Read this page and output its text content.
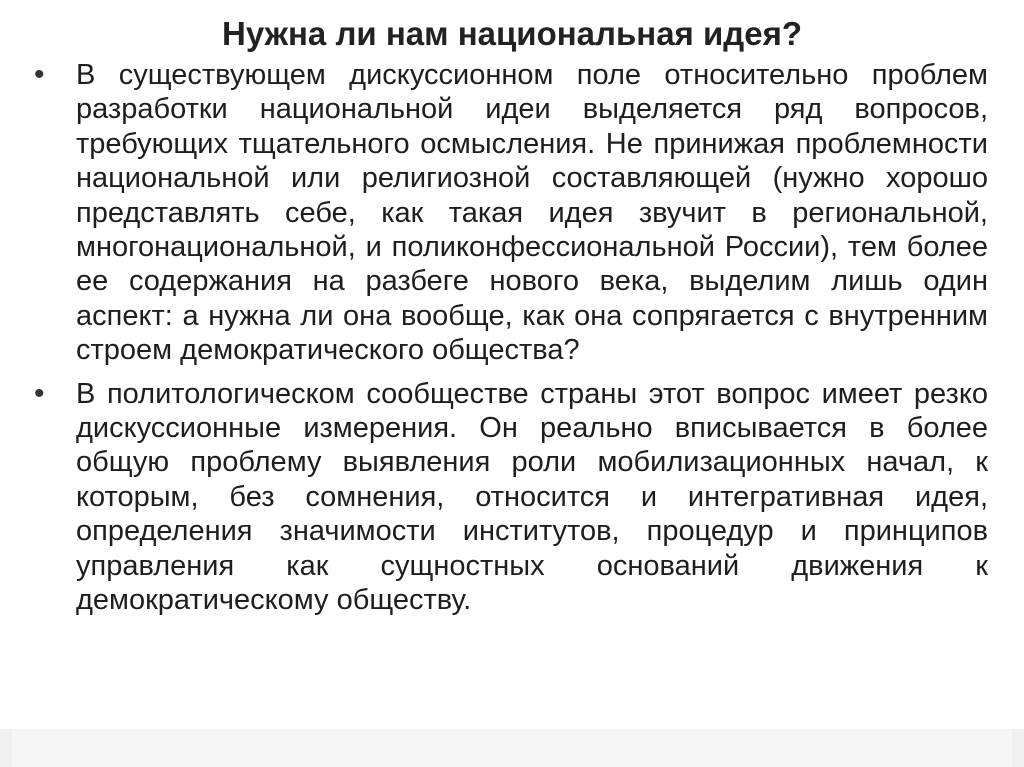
Нужна ли нам национальная идея?
• В существующем дискуссионном поле относительно проблем разработки национальной идеи выделяется ряд вопросов, требующих тщательного осмысления. Не принижая проблемности национальной или религиозной составляющей (нужно хорошо представлять себе, как такая идея звучит в региональной, многонациональной, и поликонфессиональной России), тем более ее содержания на разбеге нового века, выделим лишь один аспект: а нужна ли она вообще, как она сопрягается с внутренним строем демократического общества?

• В политологическом сообществе страны этот вопрос имеет резко дискуссионные измерения. Он реально вписывается в более общую проблему выявления роли мобилизационных начал, к которым, без сомнения, относится и интегративная идея, определения значимости институтов, процедур и принципов управления как сущностных оснований движения к демократическому обществу.
